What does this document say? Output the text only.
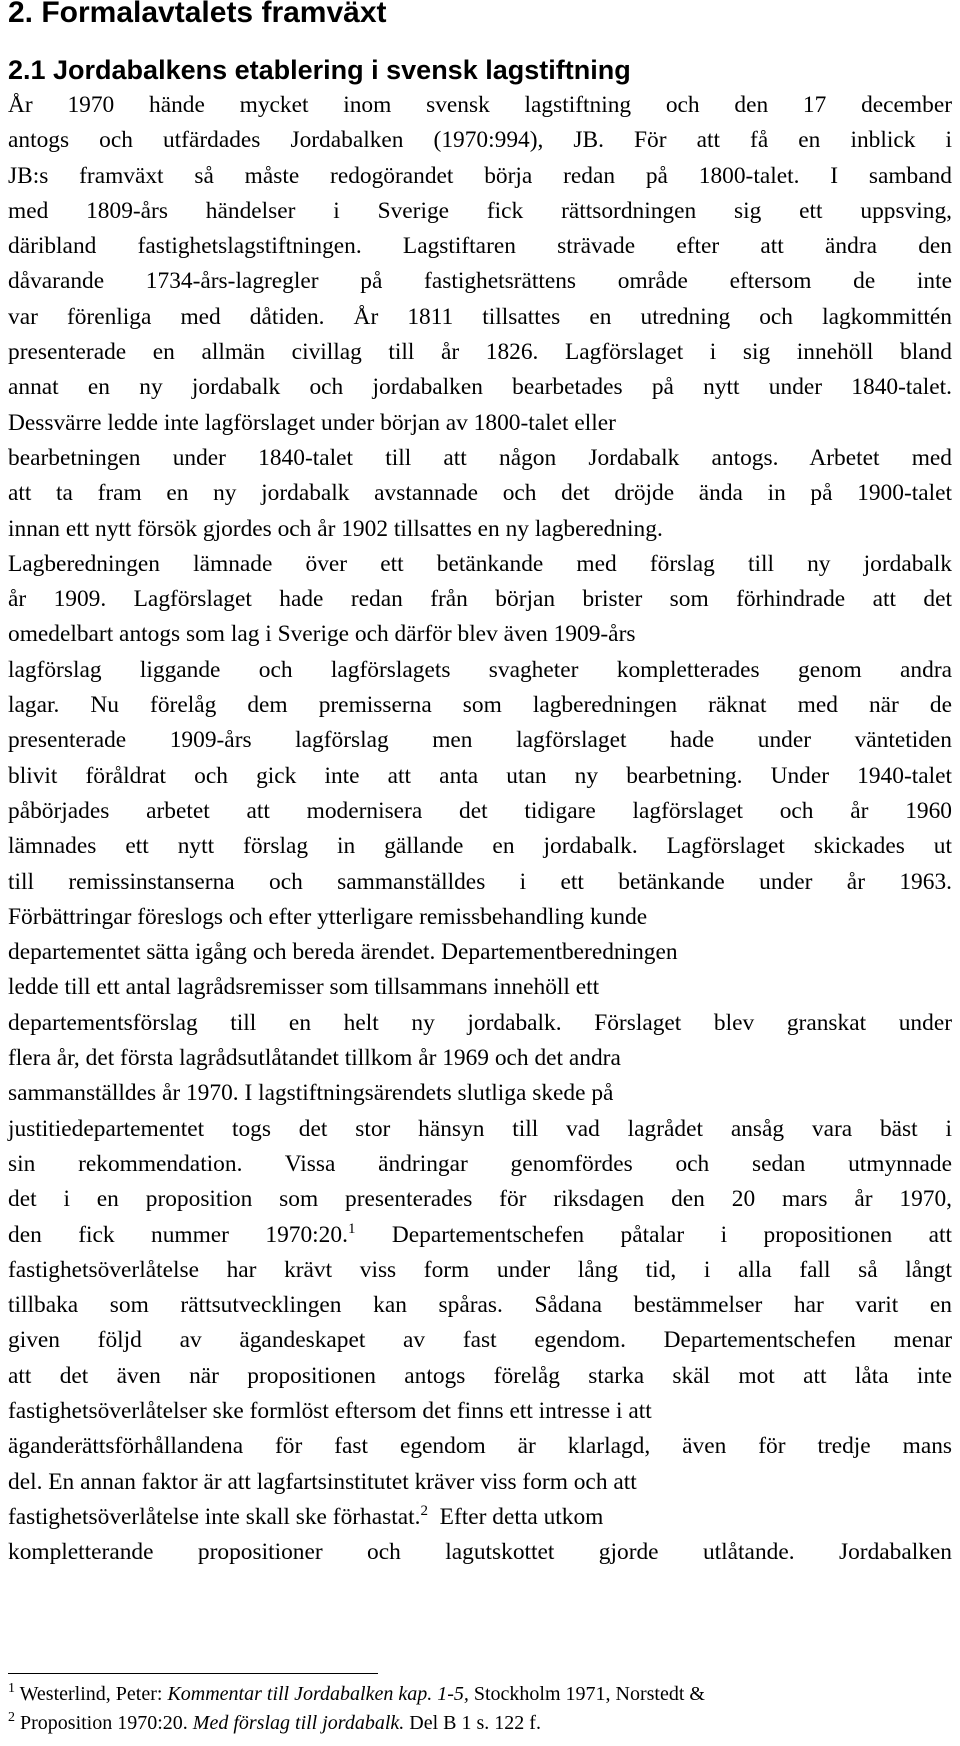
2. Formalavtalets framväxt
2.1 Jordabalkens etablering i svensk lagstiftning
År 1970 hände mycket inom svensk lagstiftning och den 17 december
antogs och utfärdades Jordabalken (1970:994), JB. För att få en inblick i
JB:s framväxt så måste redogörandet börja redan på 1800-talet. I samband
med 1809-års händelser i Sverige fick rättsordningen sig ett uppsving,
däribland fastighetslagstiftningen. Lagstiftaren strävade efter att ändra den
dåvarande 1734-års-lagregler på fastighetsrättens område eftersom de inte
var förenliga med dåtiden. År 1811 tillsattes en utredning och lagkommittén
presenterade en allmän civillag till år 1826. Lagförslaget i sig innehöll bland
annat en ny jordabalk och jordabalken bearbetades på nytt under 1840-talet.
Dessvärre ledde inte lagförslaget under början av 1800-talet eller
bearbetningen under 1840-talet till att någon Jordabalk antogs. Arbetet med
att ta fram en ny jordabalk avstannade och det dröjde ända in på 1900-talet
innan ett nytt försök gjordes och år 1902 tillsattes en ny lagberedning.
Lagberedningen lämnade över ett betänkande med förslag till ny jordabalk
år 1909. Lagförslaget hade redan från början brister som förhindrade att det
omedelbart antogs som lag i Sverige och därför blev även 1909-års
lagförslag liggande och lagförslagets svagheter kompletterades genom andra
lagar. Nu förelåg dem premisserna som lagberedningen räknat med när de
presenterade 1909-års lagförslag men lagförslaget hade under väntetiden
blivit föråldrat och gick inte att anta utan ny bearbetning. Under 1940-talet
påbörjades arbetet att modernisera det tidigare lagförslaget och år 1960
lämnades ett nytt förslag in gällande en jordabalk. Lagförslaget skickades ut
till remissinstanserna och sammanställdes i ett betänkande under år 1963.
Förbättringar föreslogs och efter ytterligare remissbehandling kunde
departementet sätta igång och bereda ärendet. Departementberedningen
ledde till ett antal lagrådsremisser som tillsammans innehöll ett
departementsförslag till en helt ny jordabalk. Förslaget blev granskat under
flera år, det första lagrådsutlåtandet tillkom år 1969 och det andra
sammanställdes år 1970. I lagstiftningsärendets slutliga skede på
justitiedepartementet togs det stor hänsyn till vad lagrådet ansåg vara bäst i
sin rekommendation. Vissa ändringar genomfördes och sedan utmynnade
det i en proposition som presenterades för riksdagen den 20 mars år 1970,
den fick nummer 1970:20.$^1$ Departementschefen påtalar i propositionen att
fastighetsöverlåtelse har krävt viss form under lång tid, i alla fall så långt
tillbaka som rättsutvecklingen kan spåras. Sådana bestämmelser har varit en
given följd av ägandeskapet av fast egendom. Departementschefen menar
att det även när propositionen antogs förelåg starka skäl mot att låta inte
fastighetsöverlåtelser ske formlöst eftersom det finns ett intresse i att
äganderättsförhållandena för fast egendom är klarlagd, även för tredje mans
del. En annan faktor är att lagfartsinstitutet kräver viss form och att
fastighetsöverlåtelse inte skall ske förhastat.$^2$  Efter detta utkom
kompletterande propositioner och lagutskottet gjorde utlåtande. Jordabalken
$^1$ Westerlind, Peter: Kommentar till Jordabalken kap. 1-5, Stockholm 1971, Norstedt &
$^2$ Proposition 1970:20. Med förslag till jordabalk. Del B 1 s. 122 f.
